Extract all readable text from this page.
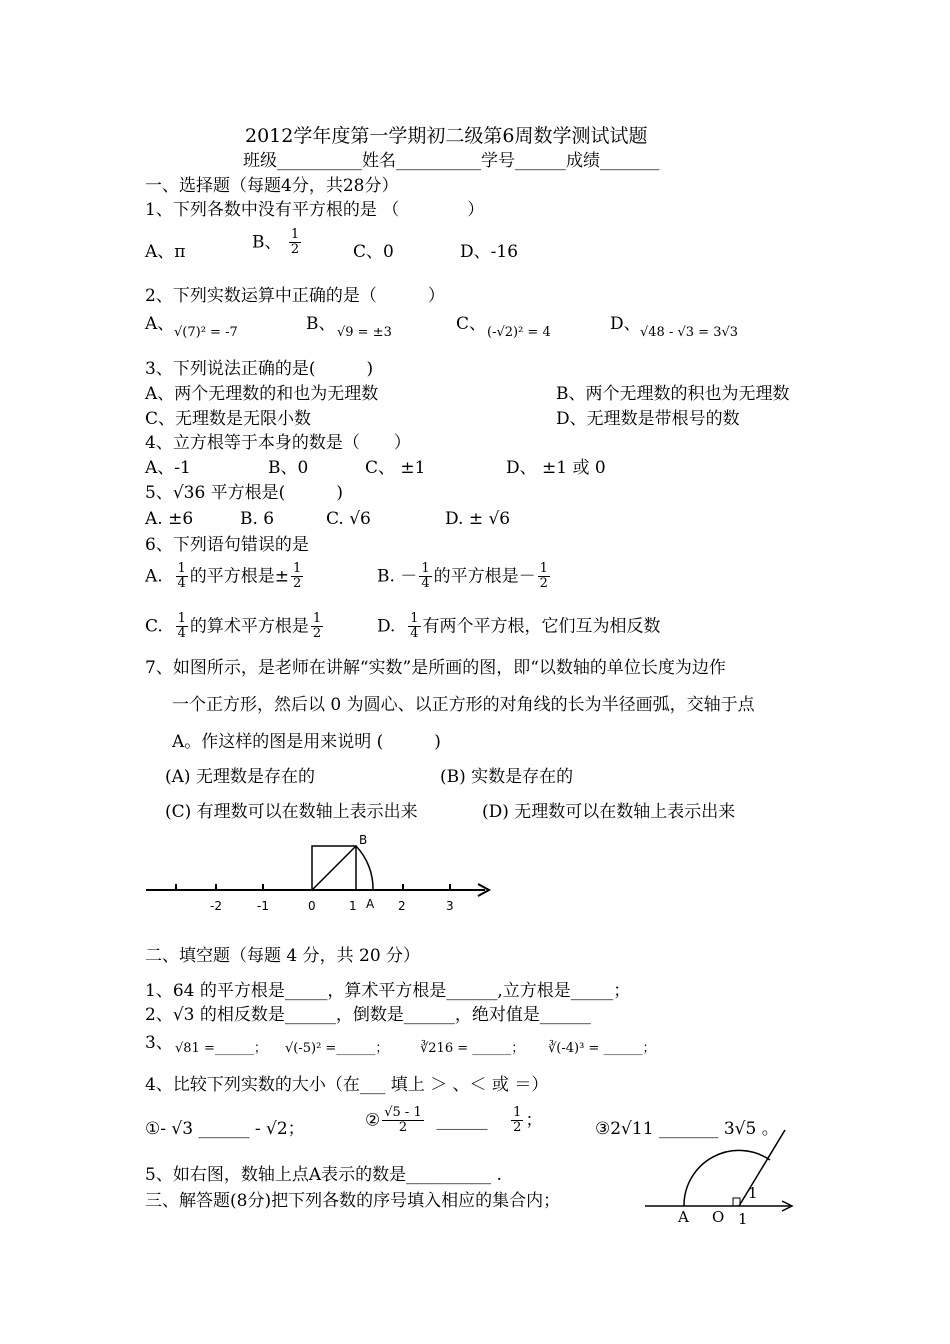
2012学年度第一学期初二级第6周数学测试试题
班级__________姓名__________学号______成绩_______
一、选择题（每题4分，共28分）
1、下列各数中没有平方根的是 （　　　　）
A、π	B、 $\frac{1}{2}$	C、0	D、-16
2、下列实数运算中正确的是（　　　）
A、 √(7)² = -7	B、 √9 = ±3	C、 (-√2)² = 4	D、 √48 - √3 = 3√3
3、下列说法正确的是(　　　)
A、两个无理数的和也为无理数	B、两个无理数的积也为无理数
C、无理数是无限小数	D、无理数是带根号的数
4、立方根等于本身的数是（　　）
A、-1	B、0	C、 ±1	D、 ±1 或 0
5、√36 平方根是(　　　)
A. ±6	B. 6	C. √6	D. ± √6
6、下列语句错误的是
A. $\frac{1}{4}$ 的平方根是± $\frac{1}{2}$	B. － $\frac{1}{4}$ 的平方根是－ $\frac{1}{2}$
C. $\frac{1}{4}$ 的算术平方根是 $\frac{1}{2}$	D. $\frac{1}{4}$ 有两个平方根，它们互为相反数
7、如图所示，是老师在讲解“实数”是所画的图，即“以数轴的单位长度为边作
一个正方形，然后以 0 为圆心、以正方形的对角线的长为半径画弧，交轴于点
A。作这样的图是用来说明 (　　　)
(A) 无理数是存在的	(B) 实数是存在的
(C) 有理数可以在数轴上表示出来	(D) 无理数可以在数轴上表示出来
-2	-1	0	1 A 2	3
B
二、填空题（每题 4 分，共 20 分）
1、64 的平方根是_____，算术平方根是______,立方根是_____；
2、√3 的相反数是______，倒数是______，绝对值是______
3、 √81 =______； √(-5)² =______； ∛216 = ______； ∛(-4)³ = ______；
4、比较下列实数的大小（在___ 填上 ＞ 、＜ 或 ＝）
①- √3 ______ - √2；	② $\frac{√5 - 1}{2}$ ______ $\frac{1}{2}$ ；	③2√11 _______ 3√5 。
5、如右图，数轴上点A表示的数是__________ .
三、解答题(8分)把下列各数的序号填入相应的集合内；
A O 1
1
